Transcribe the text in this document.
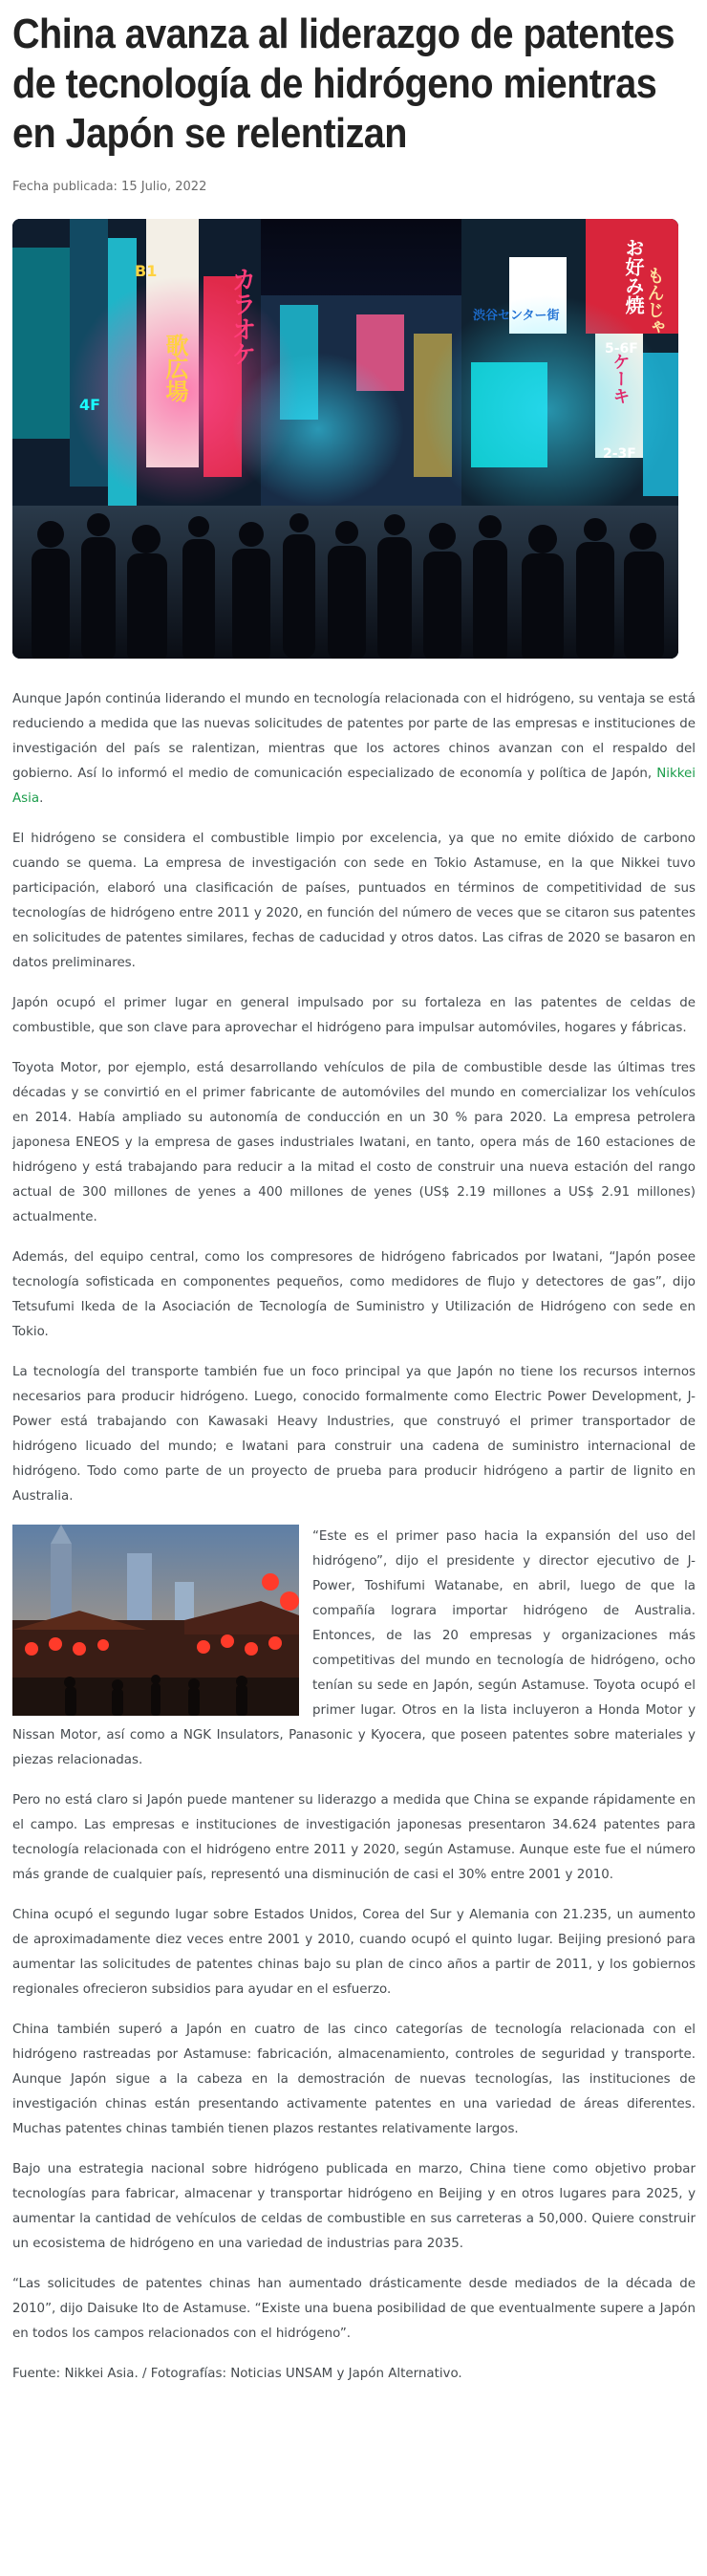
China avanza al liderazgo de patentes de tecnología de hidrógeno mientras en Japón se relentizan
Fecha publicada: 15 Julio, 2022
カラオケ
歌広場
お好み焼 もんじゃ
渋谷センター街
ケーキ
5-6F
4F
2-3F
B1

Aunque Japón continúa liderando el mundo en tecnología relacionada con el hidrógeno, su ventaja se está reduciendo a medida que las nuevas solicitudes de patentes por parte de las empresas e instituciones de investigación del país se ralentizan, mientras que los actores chinos avanzan con el respaldo del gobierno. Así lo informó el medio de comunicación especializado de economía y política de Japón, Nikkei Asia.

El hidrógeno se considera el combustible limpio por excelencia, ya que no emite dióxido de carbono cuando se quema. La empresa de investigación con sede en Tokio Astamuse, en la que Nikkei tuvo participación, elaboró una clasificación de países, puntuados en términos de competitividad de sus tecnologías de hidrógeno entre 2011 y 2020, en función del número de veces que se citaron sus patentes en solicitudes de patentes similares, fechas de caducidad y otros datos. Las cifras de 2020 se basaron en datos preliminares.

Japón ocupó el primer lugar en general impulsado por su fortaleza en las patentes de celdas de combustible, que son clave para aprovechar el hidrógeno para impulsar automóviles, hogares y fábricas.

Toyota Motor, por ejemplo, está desarrollando vehículos de pila de combustible desde las últimas tres décadas y se convirtió en el primer fabricante de automóviles del mundo en comercializar los vehículos en 2014. Había ampliado su autonomía de conducción en un 30 % para 2020. La empresa petrolera japonesa ENEOS y la empresa de gases industriales Iwatani, en tanto, opera más de 160 estaciones de hidrógeno y está trabajando para reducir a la mitad el costo de construir una nueva estación del rango actual de 300 millones de yenes a 400 millones de yenes (US$ 2.19 millones a US$ 2.91 millones) actualmente.

Además, del equipo central, como los compresores de hidrógeno fabricados por Iwatani, “Japón posee tecnología sofisticada en componentes pequeños, como medidores de flujo y detectores de gas”, dijo Tetsufumi Ikeda de la Asociación de Tecnología de Suministro y Utilización de Hidrógeno con sede en Tokio.

La tecnología del transporte también fue un foco principal ya que Japón no tiene los recursos internos necesarios para producir hidrógeno. Luego, conocido formalmente como Electric Power Development, J-Power está trabajando con Kawasaki Heavy Industries, que construyó el primer transportador de hidrógeno licuado del mundo; e Iwatani para construir una cadena de suministro internacional de hidrógeno. Todo como parte de un proyecto de prueba para producir hidrógeno a partir de lignito en Australia.

“Este es el primer paso hacia la expansión del uso del hidrógeno”, dijo el presidente y director ejecutivo de J-Power, Toshifumi Watanabe, en abril, luego de que la compañía lograra importar hidrógeno de Australia. Entonces, de las 20 empresas y organizaciones más competitivas del mundo en tecnología de hidrógeno, ocho tenían su sede en Japón, según Astamuse. Toyota ocupó el primer lugar. Otros en la lista incluyeron a Honda Motor y Nissan Motor, así como a NGK Insulators, Panasonic y Kyocera, que poseen patentes sobre materiales y piezas relacionadas.

Pero no está claro si Japón puede mantener su liderazgo a medida que China se expande rápidamente en el campo. Las empresas e instituciones de investigación japonesas presentaron 34.624 patentes para tecnología relacionada con el hidrógeno entre 2011 y 2020, según Astamuse. Aunque este fue el número más grande de cualquier país, representó una disminución de casi el 30% entre 2001 y 2010.

China ocupó el segundo lugar sobre Estados Unidos, Corea del Sur y Alemania con 21.235, un aumento de aproximadamente diez veces entre 2001 y 2010, cuando ocupó el quinto lugar. Beijing presionó para aumentar las solicitudes de patentes chinas bajo su plan de cinco años a partir de 2011, y los gobiernos regionales ofrecieron subsidios para ayudar en el esfuerzo.

China también superó a Japón en cuatro de las cinco categorías de tecnología relacionada con el hidrógeno rastreadas por Astamuse: fabricación, almacenamiento, controles de seguridad y transporte. Aunque Japón sigue a la cabeza en la demostración de nuevas tecnologías, las instituciones de investigación chinas están presentando activamente patentes en una variedad de áreas diferentes. Muchas patentes chinas también tienen plazos restantes relativamente largos.

Bajo una estrategia nacional sobre hidrógeno publicada en marzo, China tiene como objetivo probar tecnologías para fabricar, almacenar y transportar hidrógeno en Beijing y en otros lugares para 2025, y aumentar la cantidad de vehículos de celdas de combustible en sus carreteras a 50,000. Quiere construir un ecosistema de hidrógeno en una variedad de industrias para 2035.

“Las solicitudes de patentes chinas han aumentado drásticamente desde mediados de la década de 2010”, dijo Daisuke Ito de Astamuse. “Existe una buena posibilidad de que eventualmente supere a Japón en todos los campos relacionados con el hidrógeno”.

Fuente: Nikkei Asia. / Fotografías: Noticias UNSAM y Japón Alternativo.
